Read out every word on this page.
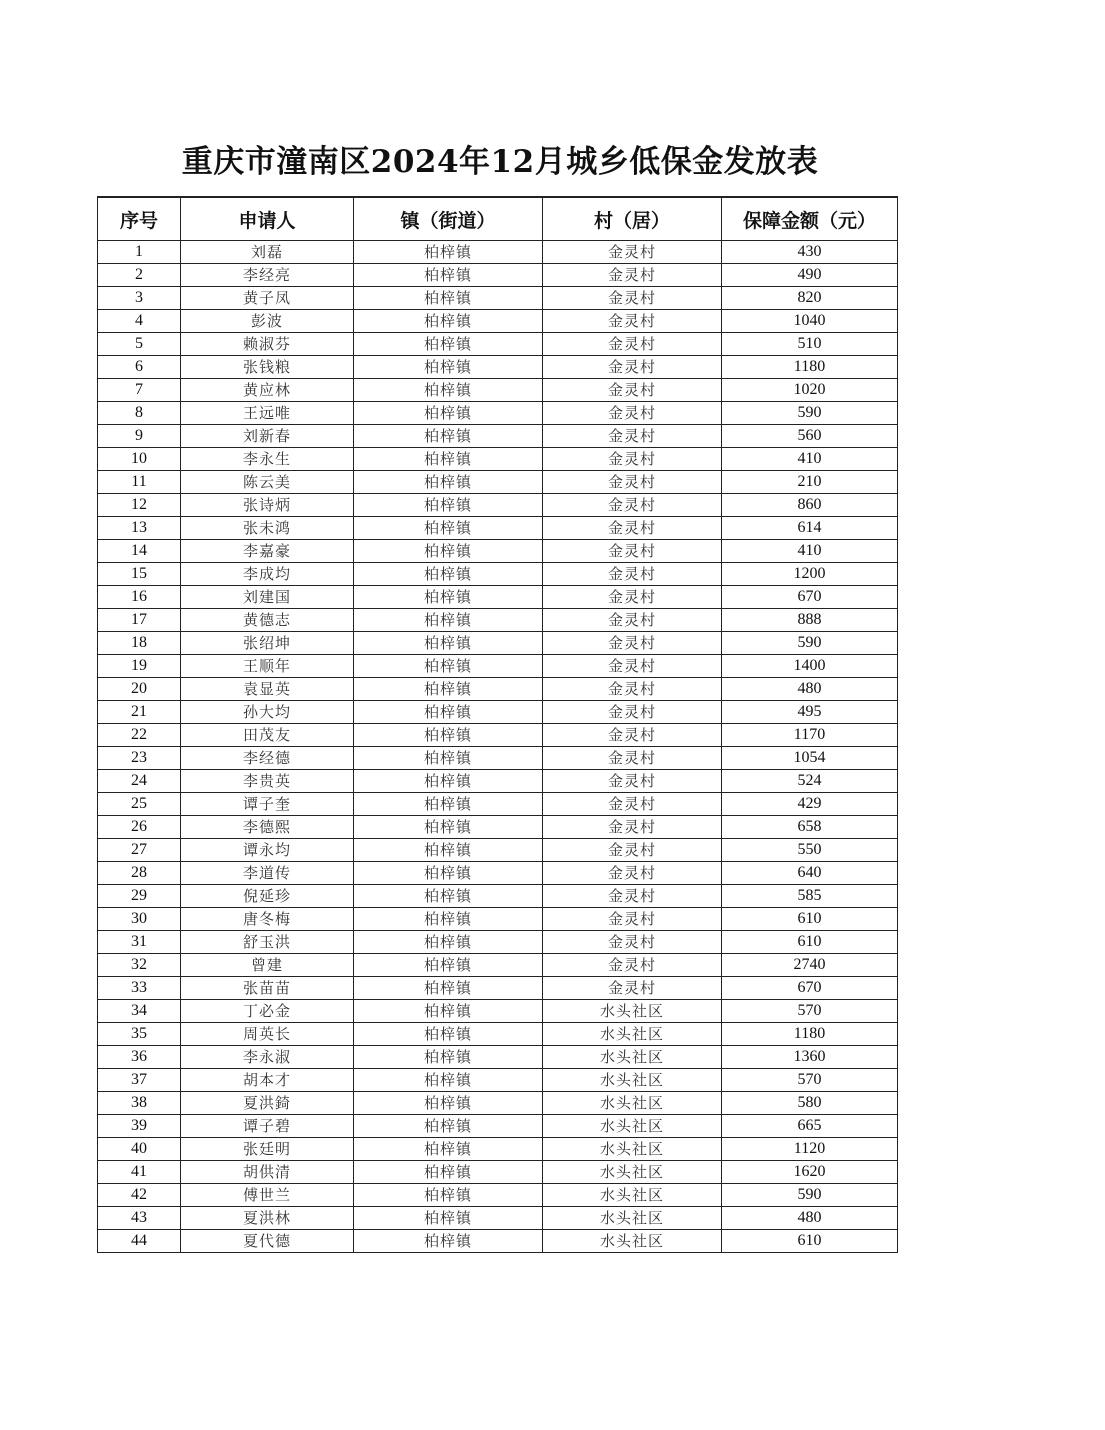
重庆市潼南区2024年12月城乡低保金发放表
序号	申请人	镇（街道）	村（居）	保障金额（元）
1	刘磊	柏梓镇	金灵村	430
2	李经亮	柏梓镇	金灵村	490
3	黄子凤	柏梓镇	金灵村	820
4	彭波	柏梓镇	金灵村	1040
5	赖淑芬	柏梓镇	金灵村	510
6	张钱粮	柏梓镇	金灵村	1180
7	黄应林	柏梓镇	金灵村	1020
8	王远唯	柏梓镇	金灵村	590
9	刘新春	柏梓镇	金灵村	560
10	李永生	柏梓镇	金灵村	410
11	陈云美	柏梓镇	金灵村	210
12	张诗炳	柏梓镇	金灵村	860
13	张未鸿	柏梓镇	金灵村	614
14	李嘉豪	柏梓镇	金灵村	410
15	李成均	柏梓镇	金灵村	1200
16	刘建国	柏梓镇	金灵村	670
17	黄德志	柏梓镇	金灵村	888
18	张绍坤	柏梓镇	金灵村	590
19	王顺年	柏梓镇	金灵村	1400
20	袁显英	柏梓镇	金灵村	480
21	孙大均	柏梓镇	金灵村	495
22	田茂友	柏梓镇	金灵村	1170
23	李经德	柏梓镇	金灵村	1054
24	李贵英	柏梓镇	金灵村	524
25	谭子奎	柏梓镇	金灵村	429
26	李德熙	柏梓镇	金灵村	658
27	谭永均	柏梓镇	金灵村	550
28	李道传	柏梓镇	金灵村	640
29	倪延珍	柏梓镇	金灵村	585
30	唐冬梅	柏梓镇	金灵村	610
31	舒玉洪	柏梓镇	金灵村	610
32	曾建	柏梓镇	金灵村	2740
33	张苗苗	柏梓镇	金灵村	670
34	丁必金	柏梓镇	水头社区	570
35	周英长	柏梓镇	水头社区	1180
36	李永淑	柏梓镇	水头社区	1360
37	胡本才	柏梓镇	水头社区	570
38	夏洪錡	柏梓镇	水头社区	580
39	谭子碧	柏梓镇	水头社区	665
40	张廷明	柏梓镇	水头社区	1120
41	胡供清	柏梓镇	水头社区	1620
42	傅世兰	柏梓镇	水头社区	590
43	夏洪林	柏梓镇	水头社区	480
44	夏代德	柏梓镇	水头社区	610
